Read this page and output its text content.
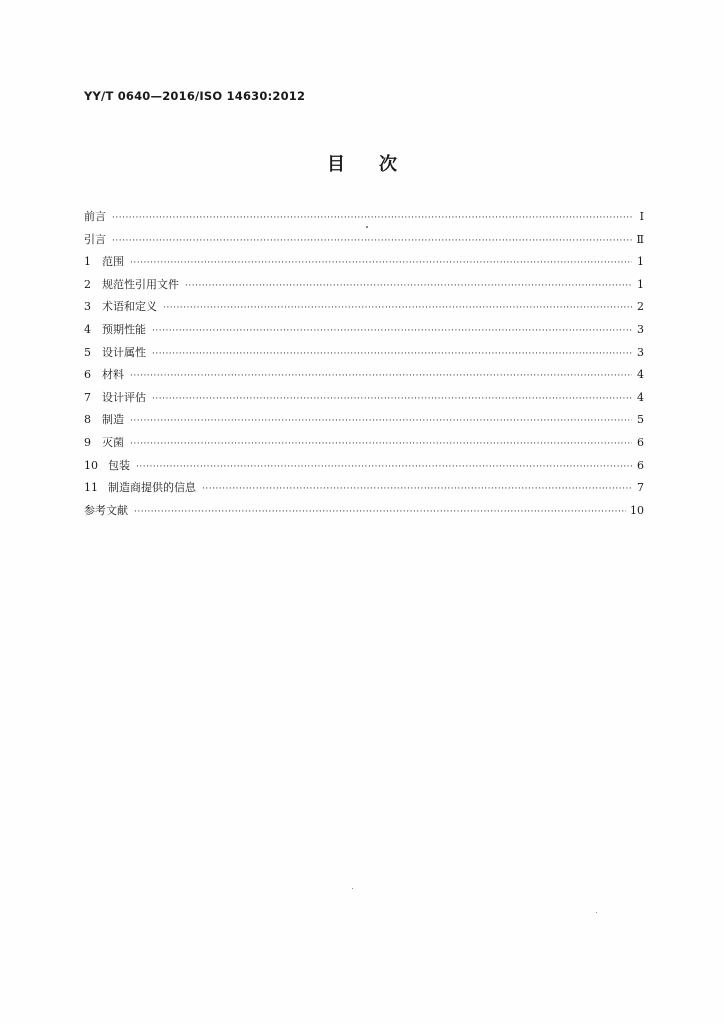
YY/T 0640—2016/ISO 14630:2012
目次
前言 ·····	Ⅰ
引言 ·····	Ⅱ
1	范围 ·····	1
2	规范性引用文件 ·····	1
3	术语和定义 ·····	2
4	预期性能 ·····	3
5	设计属性 ·····	3
6	材料 ·····	4
7	设计评估 ·····	4
8	制造 ·····	5
9	灭菌 ·····	6
10 包装 ·····	6
11 制造商提供的信息 ·····	7
参考文献 ·····	10
